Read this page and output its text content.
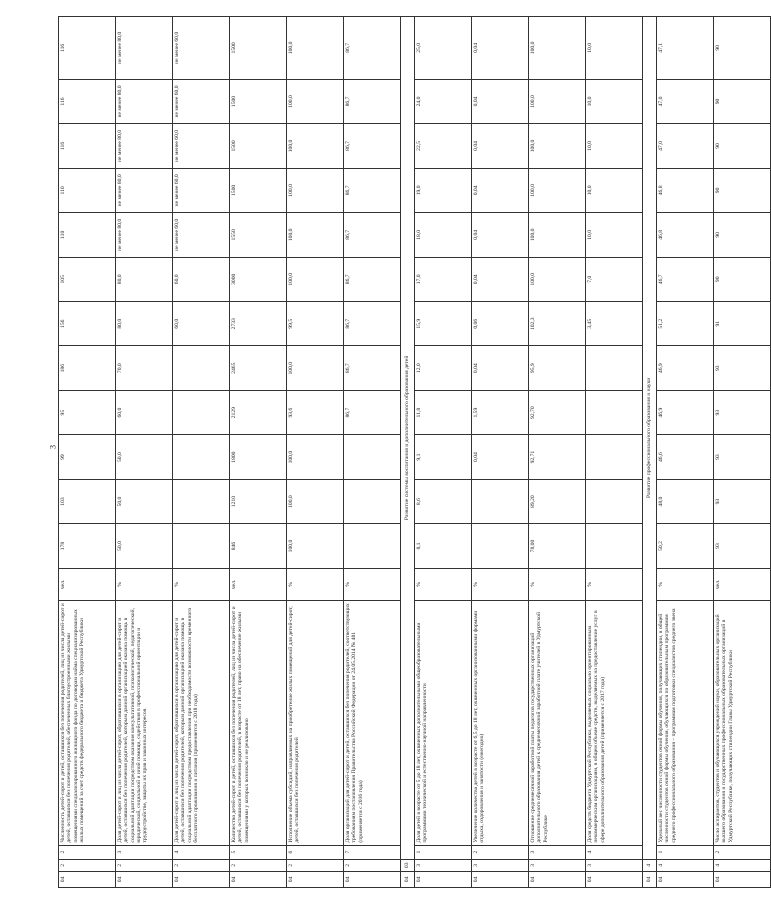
3
04	2	2	Численность детей-сирот и детей, оставшихся без попечения родителей, лиц из числа детей-сирот и детей, оставшихся без попечения родителей, обеспеченных благоустроенными жилыми помещениями специализированного жилищного фонда по договорам найма специализированных жилых помещений за счет средств федерального бюджета и бюджета Удмуртской Республики	чел.	178	103	99	95	186	156	105	110	110	116	116	116
04	2	3	Доля детей-сирот и лиц из числа детей-сирот, обратившихся в организацию для детей-сирот и детей, оставшихся без попечения родителей, которым данной организацией оказана помощь в социальной адаптации посредством оказания консультативной, психологической, педагогической, юридической, социальной и иной помощи, содействия в профессиональной ориентации и трудоустройстве, защиты их прав и законных интересов	%	50,0	50,0	50,0	60,0	70,0	80,0	80,0	не менее 80,0	не менее 80,0	не менее 80,0	не менее 80,0	не менее 80,0
04	2	4	Доля детей-сирот и лиц из числа детей-сирот, обратившихся в организацию для детей-сирот и детей, оставшихся без попечения родителей, которым данной организацией оказана помощь в социальной адаптации посредством предоставления при необходимости возможности временного бесплатного проживания и питания (применяется с 2018 года)	%						60,0	60,0	не менее 60,0	не менее 60,0	не менее 60,0	не менее 60,0	не менее 60,0
04	2	5	Количество детей-сирот и детей, оставшихся без попечения родителей, лиц из числа детей-сирот и детей, оставшихся без попечения родителей, в возрасте от 18 лет, право на обеспечение жилыми помещениями у которых возникло и не реализовано	чел.	846	1210	1800	2129	2465	2733	3000	1550	1500	1500	1500	1500
04	2	6	Исполнение объема субсидий, направляемых на приобретение жилых помещений для детей-сирот, детей, оставшихся без попечения родителей	%	100,0	100,0	100,0	93,6	100,0	99,5	100,0	100,0	100,0	100,0	100,0	100,0
04	2	7	Доля организаций для детей-сирот и детей, оставшихся без попечения родителей, соответствующих требованиям постановления Правительства Российской Федерации от 24.05.2014 № 481 (применяется с 2016 года)	%				86,7	86,7	86,7	86,7	86,7	86,7	86,7	86,7	86,7
04	03	Развитие системы воспитания и дополнительного образования детей														
04	3	1	Доля детей в возрасте от 5 до 18 лет, охваченных дополнительными общеобразовательными программами технической и естественно-научной направленности	%	8,1	8,6	9,1	11,8	12,0	15,9	17,0	18,0	19,0	22,5	24,0	25,0
04	3	2	Увеличение количества детей в возрасте от 6,5 до 18 лет, охваченных организованными формами отдыха, оздоровления и занятости (ежегодно)	%			0,04	1,59	0,04	0,06	0,04	0,04	0,04	0,04	0,04	0,04
04	3	3	Отношение среднемесячной заработной платы педагогов государственных организаций дополнительного образования детей к среднемесячной заработной плате учителей в Удмуртской Республике	%	78,00	89,20	92,71	92,70	95,9	102,3	100,0	100,0	100,0	100,0	100,0	100,0
04	3	4	Доля средств бюджета Удмуртской Республики, выделяемых социально ориентированным некоммерческим организациям, в общем объеме средств, выделяемых на предоставление услуг в сфере дополнительного образования детей (применяется с 2017 года)	%						3,45	7,0	10,0	10,0	10,0	10,0	10,0
04	4	Развитие профессионального образования и науки														
04	4	1	Удельный вес численности студентов очной формы обучения, получающих стипендии, в общей численности студентов очной формы обучения, обучающихся по образовательным программам среднего профессионального образования – программам подготовки специалистов среднего звена	%	50,2	48,0	46,6	46,9	46,9	51,2	46,7	46,8	46,8	47,0	47,0	47,1
04	4	2	Число аспирантов, студентов и обучающихся учреждений науки, образовательных организаций высшего образования и государственных профессиональных образовательных организаций в Удмуртской Республике, получающих стипендии Главы Удмуртской Республики	чел.	93	93	93	93	93	91	90	90	90	90	90	90
